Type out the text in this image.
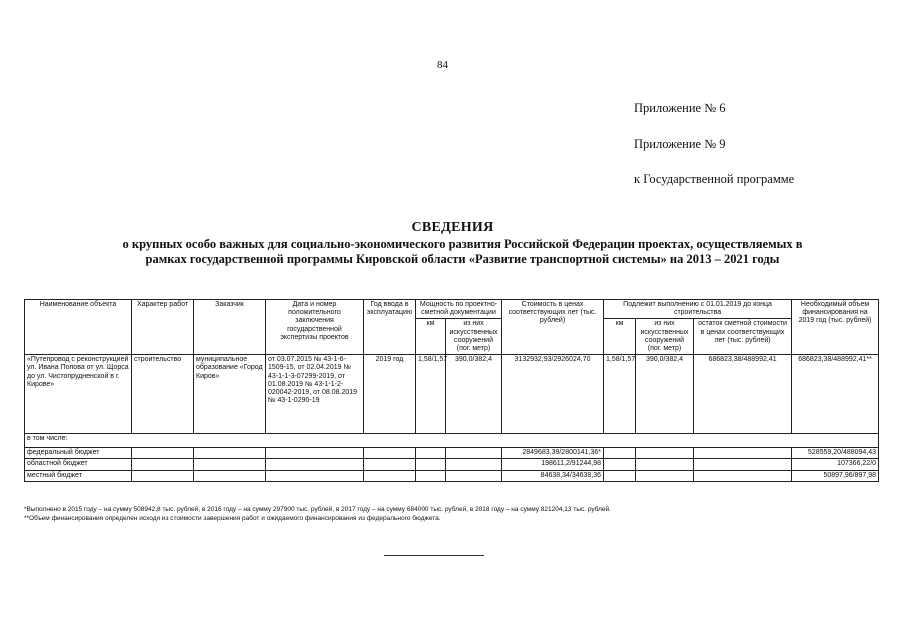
84
Приложение № 6
Приложение № 9
к Государственной программе
СВЕДЕНИЯ
о крупных особо важных для социально-экономического развития Российской Федерации проектах, осуществляемых в
рамках государственной программы Кировской области «Развитие транспортной системы» на 2013 – 2021 годы
Наименование объекта	Характер работ	Заказчик	Дата и номер положительного заключения государственной экспертизы проектов	Год ввода в эксплуатацию	Мощность по проектно-сметной документации		Стоимость в ценах соответствующих лет (тыс. рублей)	Подлежит выполнению с 01.01.2019 до конца строительства			Необходимый объем финансирования на 2019 год (тыс. рублей)
					км	из них искусственных сооружений (пог. метр)		км	из них искусственных сооружений (пог. метр)	остаток сметной стоимости в ценах соответствующих лет (тыс. рублей)	
«Путепровод с реконструкцией ул. Ивана Попова от ул. Щорса до ул. Чистопрудненской в г. Кирове»	строительство	муниципальное образование «Город Киров»	от 03.07.2015 № 43-1-6-1509-15, от 02.04.2019 № 43-1-1-3-07299-2019, от 01.08.2019 № 43-1-1-2-020042-2019, от 08.08.2019 № 43-1-0290-19	2019 год	1,58/1,57	390,0/382,4	3132932,93/2926024,70	1,58/1,57	390,0/382,4	686823,38/488992,41	686823,38/488992,41**
в том числе:											
федеральный бюджет							2849683,39/2800141,36*				528559,20/488094,43
областной бюджет							198611,2/91244,98				107366,22/0
местный бюджет							84638,34/34638,36				50897,96/897,98
*Выполнено в 2015 году – на сумму 508942,8 тыс. рублей, в 2016 году – на сумму 297900 тыс. рублей, в 2017 году – на сумму 684000 тыс. рублей, в 2018 году – на сумму 821204,13 тыс. рублей.
**Объем финансирования определен исходя из стоимости завершения работ и ожидаемого финансирования из федерального бюджета.
